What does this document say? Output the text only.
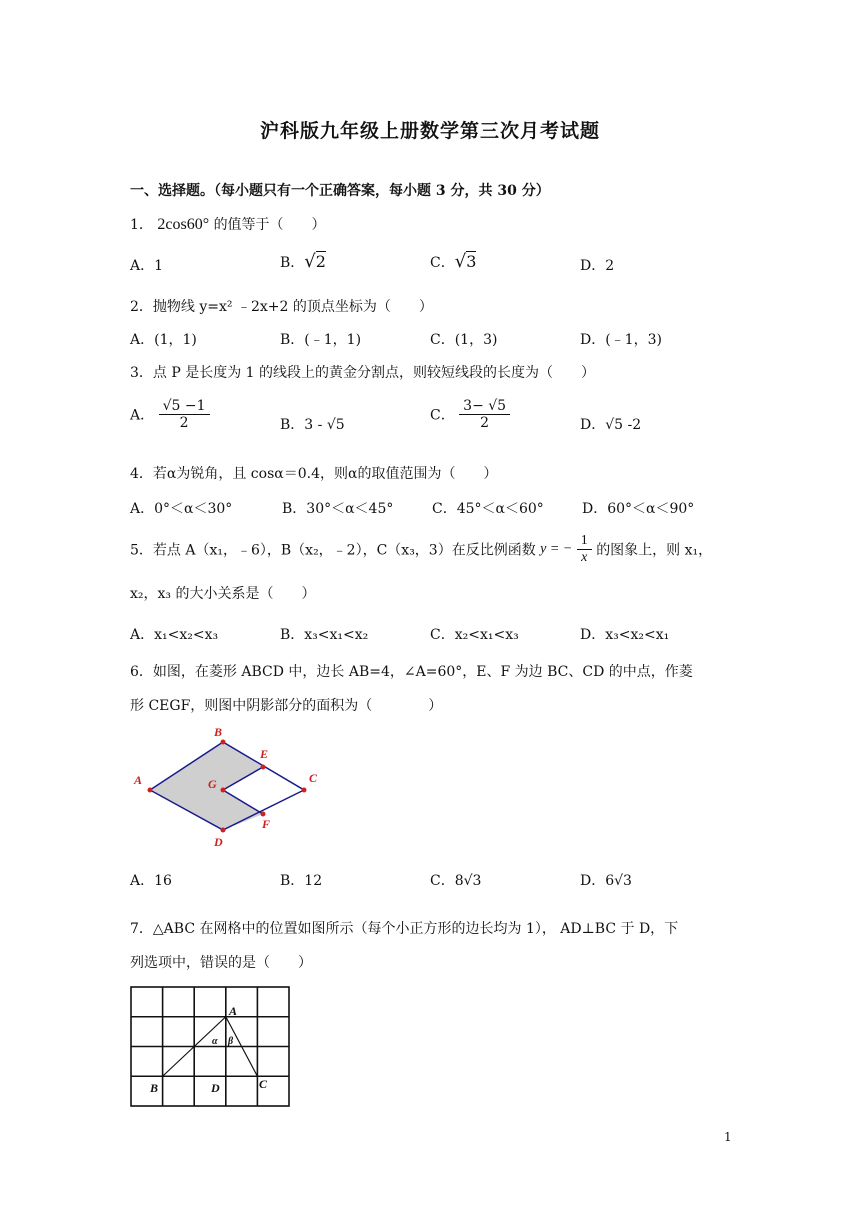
沪科版九年级上册数学第三次月考试题
一、选择题。（每小题只有一个正确答案，每小题 3 分，共 30 分）
1． 2cos60° 的值等于（　　）
A．1	B．√2	C．√3	D．2
2．抛物线 y=x² ﹣2x+2 的顶点坐标为（　　）
A．(1，1)	B．(﹣1，1)	C．(1，3)	D．(﹣1，3)
3．点 P 是长度为 1 的线段上的黄金分割点，则较短线段的长度为（　　）
A． $\frac{√5 -1}{2}$	B．3 - √5
C． $\frac{3- √5}{2}$	D．√5 -2
4．若α为锐角，且 cosα＝0.4，则α的取值范围为（　　）
A．0°＜α＜30°	B．30°＜α＜45°	C．45°＜α＜60°	D．60°＜α＜90°
5．若点 A（x₁，﹣6），B（x₂，﹣2），C（x₃，3）在反比例函数 y = − $\frac{1}{x}$ 的图象上，则 x₁，
x₂，x₃ 的大小关系是（　　）
A．x₁<x₂<x₃	B．x₃<x₁<x₂	C．x₂<x₁<x₃	D．x₃<x₂<x₁
6．如图，在菱形 ABCD 中，边长 AB=4，∠A=60°，E、F 为边 BC、CD 的中点，作菱
形 CEGF，则图中阴影部分的面积为（　　　　）
A
B
C
D
E
F
G
A．16	B．12	C．8√3	D．6√3
7．△ABC 在网格中的位置如图所示（每个小正方形的边长均为 1）， AD⊥BC 于 D，下
列选项中，错误的是（　　）
A
B	C
D
α β
1
